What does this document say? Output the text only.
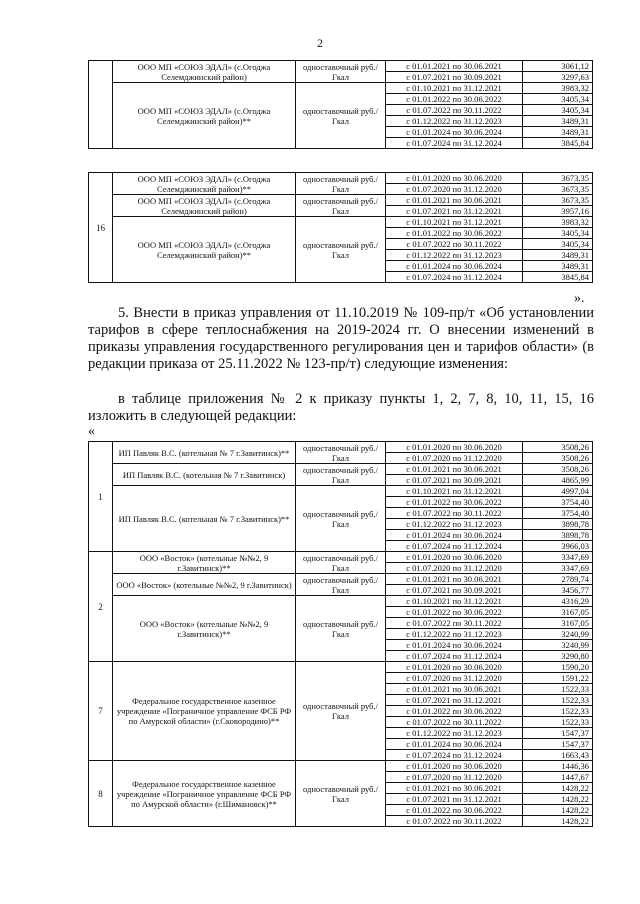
2
	ООО МП «СОЮЗ ЭДАЛ» (с.Огоджа Селемджинский район)	одноставочный руб./Гкал	с 01.01.2021 по 30.06.2021	3061,12
			с 01.07.2021 по 30.09.2021	3297,63
	ООО МП «СОЮЗ ЭДАЛ» (с.Огоджа Селемджинский район)**	одноставочный руб./Гкал	с 01.10.2021 по 31.12.2021	3983,32
			с 01.01.2022 по 30.06.2022	3405,34
			с 01.07.2022 по 30.11.2022	3405,34
			с 01.12.2022 по 31.12.2023	3489,31
			с 01.01.2024 по 30.06.2024	3489,31
			с 01.07.2024 по 31.12.2024	3845,84
16	ООО МП «СОЮЗ ЭДАЛ» (с.Огоджа Селемджинский район)**	одноставочный руб./Гкал	с 01.01.2020 по 30.06.2020	3673,35
			с 01.07.2020 по 31.12.2020	3673,35
	ООО МП «СОЮЗ ЭДАЛ» (с.Огоджа Селемджинский район)	одноставочный руб./Гкал	с 01.01.2021 по 30.06.2021	3673,35
			с 01.07.2021 по 31.12.2021	3957,16
	ООО МП «СОЮЗ ЭДАЛ» (с.Огоджа Селемджинский район)**	одноставочный руб./Гкал	с 01.10.2021 по 31.12.2021	3983,32
			с 01.01.2022 по 30.06.2022	3405,34
			с 01.07.2022 по 30.11.2022	3405,34
			с 01.12.2022 по 31.12.2023	3489,31
			с 01.01.2024 по 30.06.2024	3489,31
			с 01.07.2024 по 31.12.2024	3845,84
».
5. Внести в приказ управления от 11.10.2019 № 109-пр/т «Об установлении тарифов в сфере теплоснабжения на 2019-2024 гг. О внесении изменений в приказы управления государственного регулирования цен и тарифов области» (в редакции приказа от 25.11.2022 № 123-пр/т) следующие изменения:
в таблице приложения № 2 к приказу пункты 1, 2, 7, 8, 10, 11, 15, 16 изложить в следующей редакции:
«
1	ИП Павляк В.С. (котельная № 7 г.Завитинск)**	одноставочный руб./Гкал	с 01.01.2020 по 30.06.2020	3508,26
			с 01.07.2020 по 31.12.2020	3508,26
	ИП Павляк В.С. (котельная № 7 г.Завитинск)	одноставочный руб./Гкал	с 01.01.2021 по 30.06.2021	3508,26
			с 01.07.2021 по 30.09.2021	4865,99
	ИП Павляк В.С. (котельная № 7 г.Завитинск)**	одноставочный руб./Гкал	с 01.10.2021 по 31.12.2021	4997,04
			с 01.01.2022 по 30.06.2022	3754,40
			с 01.07.2022 по 30.11.2022	3754,40
			с 01.12.2022 по 31.12.2023	3898,78
			с 01.01.2024 по 30.06.2024	3898,78
			с 01.07.2024 по 31.12.2024	3966,03
2	ООО «Восток» (котельные №№2, 9 г.Завитинск)**	одноставочный руб./Гкал	с 01.01.2020 по 30.06.2020	3347,69
			с 01.07.2020 по 31.12.2020	3347,69
	ООО «Восток» (котельные №№2, 9 г.Завитинск)	одноставочный руб./Гкал	с 01.01.2021 по 30.06.2021	2789,74
			с 01.07.2021 по 30.09.2021	3456,77
	ООО «Восток» (котельные №№2, 9 г.Завитинск)**	одноставочный руб./Гкал	с 01.10.2021 по 31.12.2021	4316,29
			с 01.01.2022 по 30.06.2022	3167,05
			с 01.07.2022 по 30.11.2022	3167,05
			с 01.12.2022 по 31.12.2023	3240,99
			с 01.01.2024 по 30.06.2024	3240,99
			с 01.07.2024 по 31.12.2024	3290,80
7	Федеральное государственное казенное учреждение «Пограничное управление ФСБ РФ по Амурской области» (г.Сковородино)**	одноставочный руб./Гкал	с 01.01.2020 по 30.06.2020	1590,20
			с 01.07.2020 по 31.12.2020	1591,22
			с 01.01.2021 по 30.06.2021	1522,33
			с 01.07.2021 по 31.12.2021	1522,33
			с 01.01.2022 по 30.06.2022	1522,33
			с 01.07.2022 по 30.11.2022	1522,33
			с 01.12.2022 по 31.12.2023	1547,37
			с 01.01.2024 по 30.06.2024	1547,37
			с 01.07.2024 по 31.12.2024	1663,43
8	Федеральное государственное казенное учреждение «Пограничное управление ФСБ РФ по Амурской области» (г.Шимановск)**	одноставочный руб./Гкал	с 01.01.2020 по 30.06.2020	1446,36
			с 01.07.2020 по 31.12.2020	1447,67
			с 01.01.2021 по 30.06.2021	1428,22
			с 01.07.2021 по 31.12.2021	1428,22
			с 01.01.2022 по 30.06.2022	1428,22
			с 01.07.2022 по 30.11.2022	1428,22
